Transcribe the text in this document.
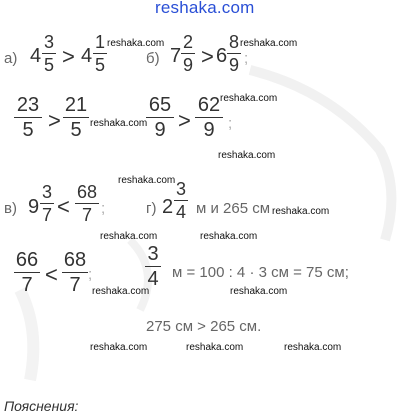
reshaka.com
а) 4
3
5 > 4
1
5
reshaka.com
б) 7
2
9 > 6
8
9 ;
reshaka.com
23
5 >
21
5 reshaka.com
65
9 >
62
9 ;
reshaka.com
reshaka.com
reshaka.com
в) 9
3
7 <
68
7 ;	г) 2
3
4 м и 265 см reshaka.com
reshaka.com	reshaka.com
66
7 <
68
7 ;
reshaka.com
3
4 м = 100 : 4 · 3 см = 75 см;
reshaka.com
275 см > 265 см.
reshaka.com	reshaka.com	reshaka.com
Пояснения:
